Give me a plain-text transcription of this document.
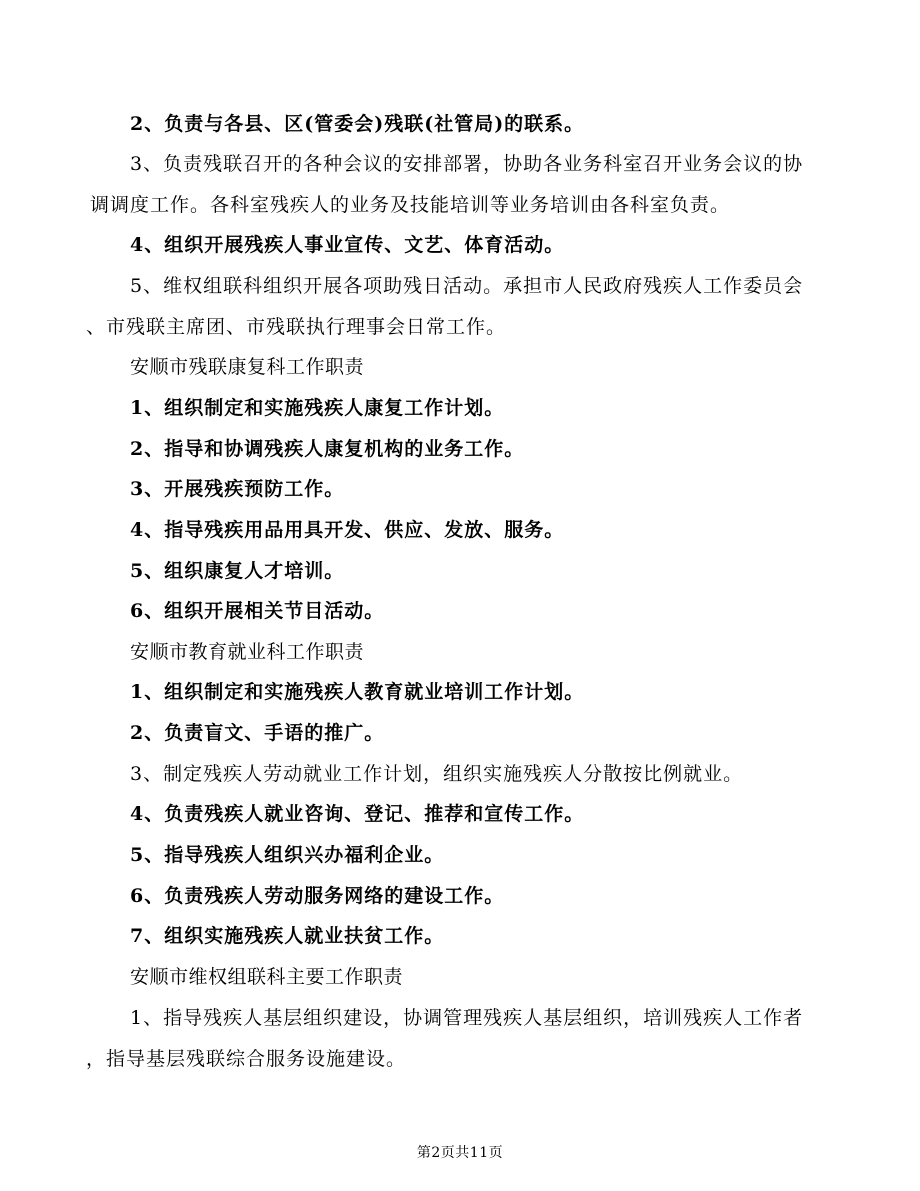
2、负责与各县、区(管委会)残联(社管局)的联系。
3、负责残联召开的各种会议的安排部署，协助各业务科室召开业务会议的协
调调度工作。各科室残疾人的业务及技能培训等业务培训由各科室负责。
4、组织开展残疾人事业宣传、文艺、体育活动。
5、维权组联科组织开展各项助残日活动。承担市人民政府残疾人工作委员会
、市残联主席团、市残联执行理事会日常工作。
安顺市残联康复科工作职责
1、组织制定和实施残疾人康复工作计划。
2、指导和协调残疾人康复机构的业务工作。
3、开展残疾预防工作。
4、指导残疾用品用具开发、供应、发放、服务。
5、组织康复人才培训。
6、组织开展相关节目活动。
安顺市教育就业科工作职责
1、组织制定和实施残疾人教育就业培训工作计划。
2、负责盲文、手语的推广。
3、制定残疾人劳动就业工作计划，组织实施残疾人分散按比例就业。
4、负责残疾人就业咨询、登记、推荐和宣传工作。
5、指导残疾人组织兴办福利企业。
6、负责残疾人劳动服务网络的建设工作。
7、组织实施残疾人就业扶贫工作。
安顺市维权组联科主要工作职责
1、指导残疾人基层组织建设，协调管理残疾人基层组织，培训残疾人工作者
，指导基层残联综合服务设施建设。
第2页共11页
